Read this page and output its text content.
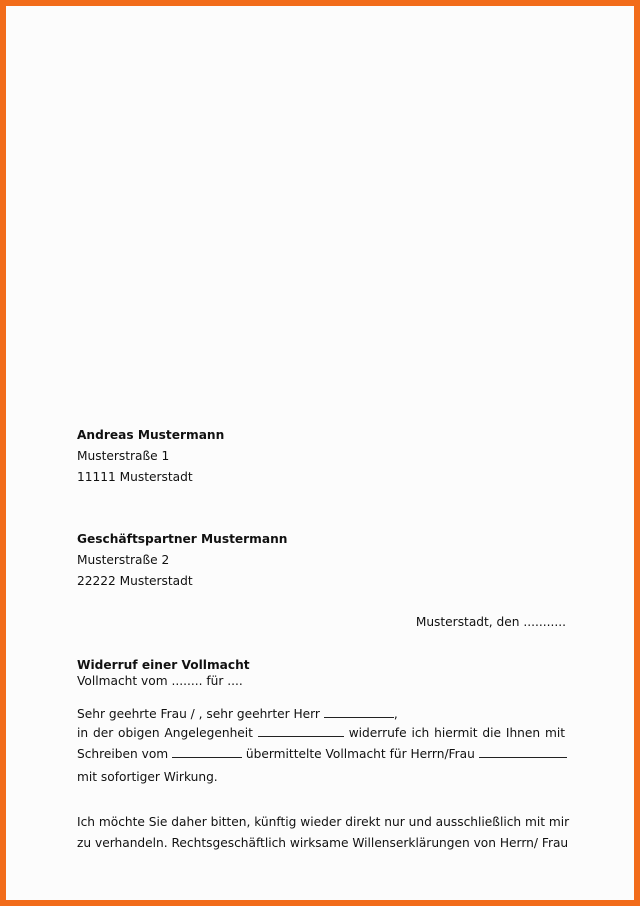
Andreas Mustermann
Musterstraße 1
11111 Musterstadt
Geschäftspartner Mustermann
Musterstraße 2
22222 Musterstadt
Musterstadt, den ...........
Widerruf einer Vollmacht
Vollmacht vom ........ für ....
Sehr geehrte Frau / , sehr geehrter Herr	,
in der obigen Angelegenheit	widerrufe ich hiermit die Ihnen mit
Schreiben vom	übermittelte Vollmacht für Herrn/Frau
mit sofortiger Wirkung.
Ich möchte Sie daher bitten, künftig wieder direkt nur und ausschließlich mit mir
zu verhandeln. Rechtsgeschäftlich wirksame Willenserklärungen von Herrn/ Frau
